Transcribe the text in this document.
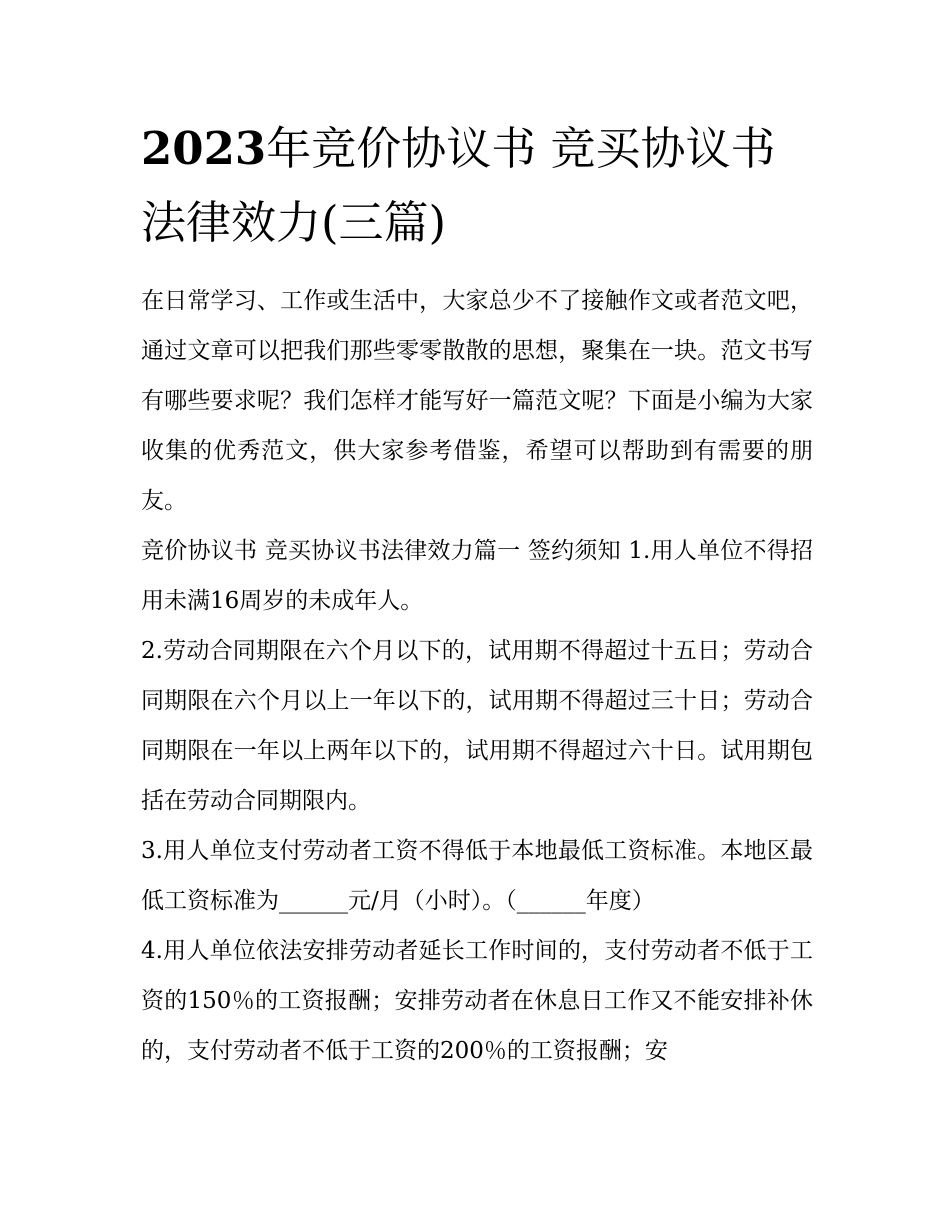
2023年竞价协议书 竞买协议书法律效力(三篇)

在日常学习、工作或生活中，大家总少不了接触作文或者范文吧，通过文章可以把我们那些零零散散的思想，聚集在一块。范文书写有哪些要求呢？我们怎样才能写好一篇范文呢？下面是小编为大家收集的优秀范文，供大家参考借鉴，希望可以帮助到有需要的朋友。

竞价协议书 竞买协议书法律效力篇一 签约须知 1.用人单位不得招用未满16周岁的未成年人。

2.劳动合同期限在六个月以下的，试用期不得超过十五日；劳动合同期限在六个月以上一年以下的，试用期不得超过三十日；劳动合同期限在一年以上两年以下的，试用期不得超过六十日。试用期包括在劳动合同期限内。

3.用人单位支付劳动者工资不得低于本地最低工资标准。本地区最低工资标准为______元/月（小时）。（______年度）

4.用人单位依法安排劳动者延长工作时间的，支付劳动者不低于工资的150％的工资报酬；安排劳动者在休息日工作又不能安排补休的，支付劳动者不低于工资的200％的工资报酬；安
